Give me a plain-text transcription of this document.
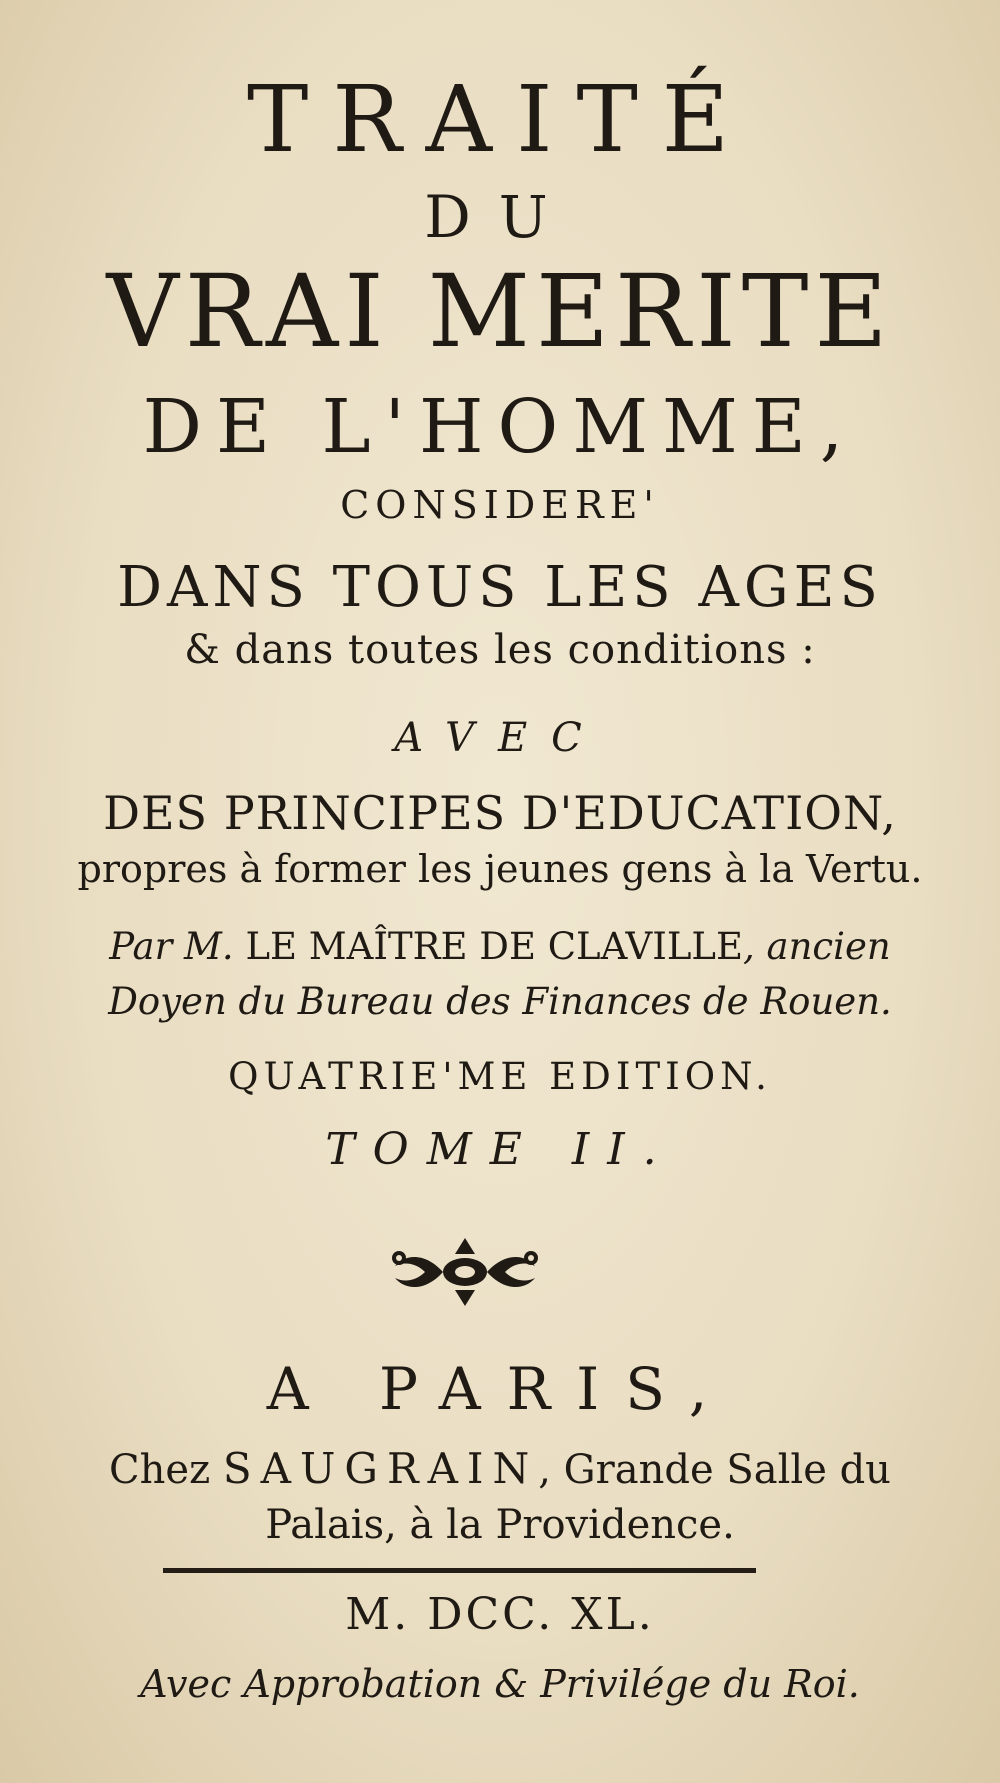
TRAITÉ

DU

VRAI MERITE

DE L'HOMME,

CONSIDERE'

DANS TOUS LES AGES

& dans toutes les conditions :

AVEC

DES PRINCIPES D'EDUCATION,

propres à former les jeunes gens à la Vertu.

Par M. LE MAÎTRE DE CLAVILLE, ancien

Doyen du Bureau des Finances de Rouen.

QUATRIE'ME EDITION.

TOME II.

A PARIS,

Chez SAUGRAIN, Grande Salle du

Palais, à la Providence.

M. DCC. XL.

Avec Approbation & Privilége du Roi.
